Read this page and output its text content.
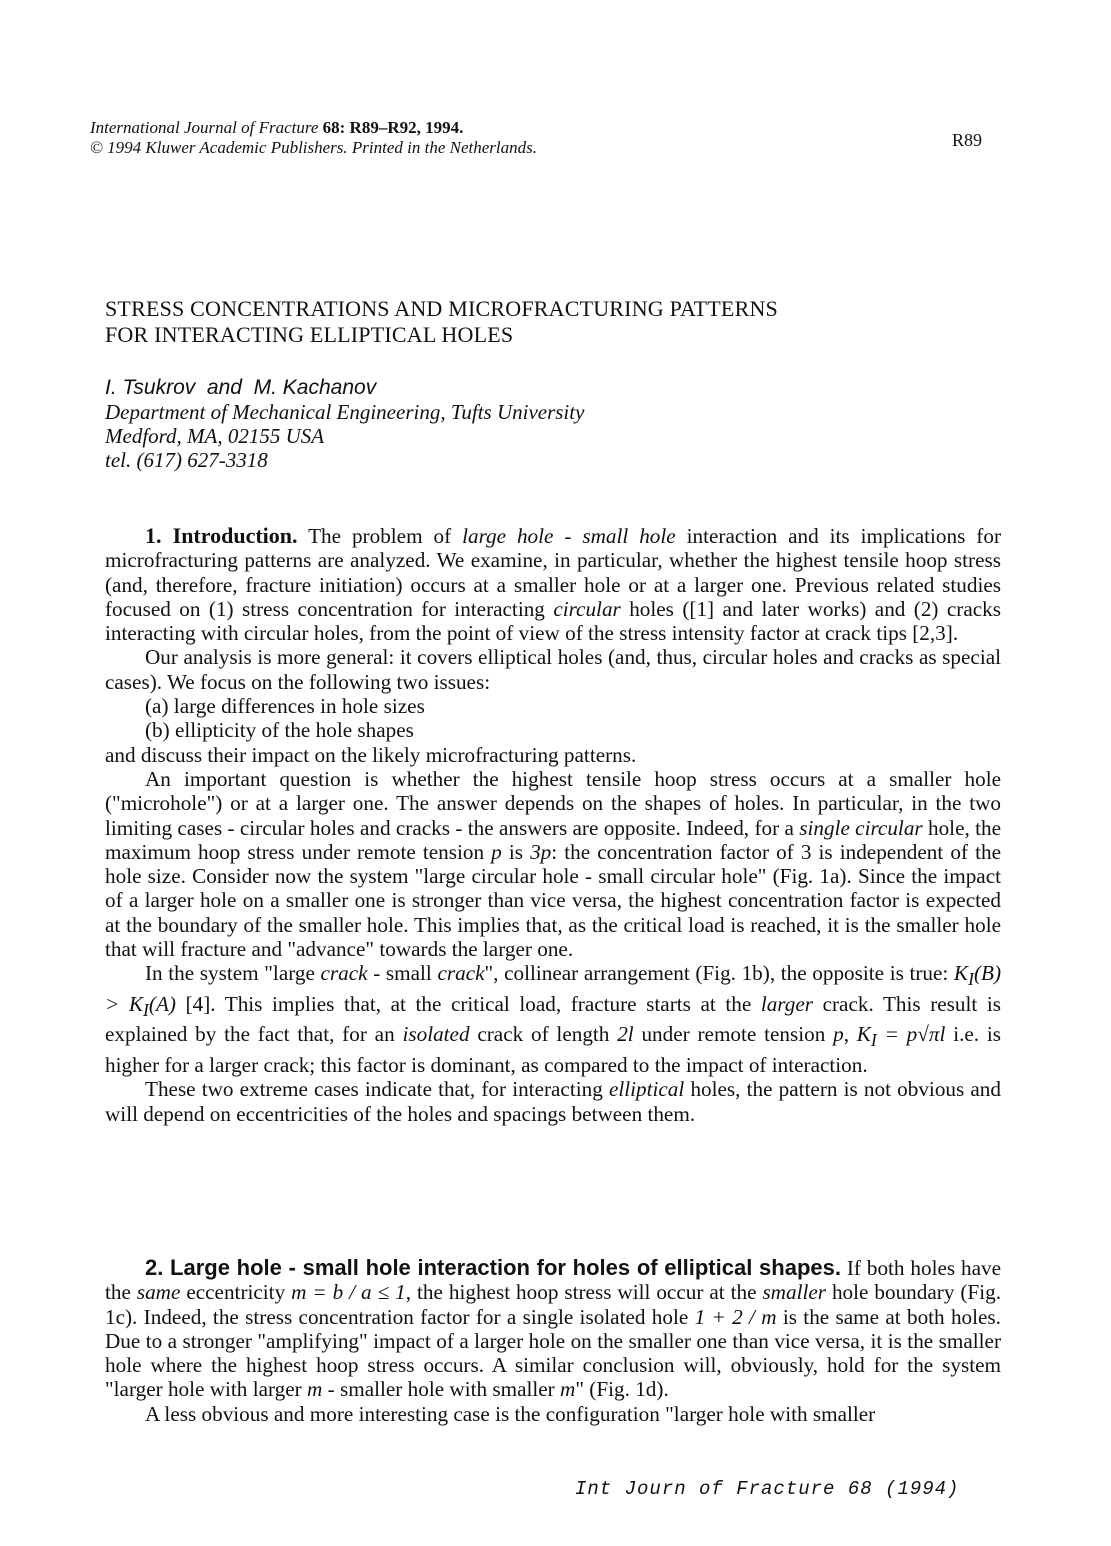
International Journal of Fracture 68: R89–R92, 1994.
© 1994 Kluwer Academic Publishers. Printed in the Netherlands.	R89
STRESS CONCENTRATIONS AND MICROFRACTURING PATTERNS
FOR INTERACTING ELLIPTICAL HOLES
I. Tsukrov  and  M. Kachanov
Department of Mechanical Engineering, Tufts University
Medford, MA, 02155 USA
tel. (617) 627-3318

1. Introduction. The problem of large hole - small hole interaction and its implications for microfracturing patterns are analyzed. We examine, in particular, whether the highest tensile hoop stress (and, therefore, fracture initiation) occurs at a smaller hole or at a larger one. Previous related studies focused on (1) stress concentration for interacting circular holes ([1] and later works) and (2) cracks interacting with circular holes, from the point of view of the stress intensity factor at crack tips [2,3].

Our analysis is more general: it covers elliptical holes (and, thus, circular holes and cracks as special cases). We focus on the following two issues:

(a) large differences in hole sizes

(b) ellipticity of the hole shapes

and discuss their impact on the likely microfracturing patterns.

An important question is whether the highest tensile hoop stress occurs at a smaller hole ("microhole") or at a larger one. The answer depends on the shapes of holes. In particular, in the two limiting cases - circular holes and cracks - the answers are opposite. Indeed, for a single circular hole, the maximum hoop stress under remote tension p is 3p: the concentration factor of 3 is independent of the hole size. Consider now the system "large circular hole - small circular hole" (Fig. 1a). Since the impact of a larger hole on a smaller one is stronger than vice versa, the highest concentration factor is expected at the boundary of the smaller hole. This implies that, as the critical load is reached, it is the smaller hole that will fracture and "advance" towards the larger one.

In the system "large crack - small crack", collinear arrangement (Fig. 1b), the opposite is true: $K_I(B) > K_I(A)$ [4]. This implies that, at the critical load, fracture starts at the larger crack. This result is explained by the fact that, for an isolated crack of length 2l under remote tension p, $K_I = p√\pi l$ i.e. is higher for a larger crack; this factor is dominant, as compared to the impact of interaction.

These two extreme cases indicate that, for interacting elliptical holes, the pattern is not obvious and will depend on eccentricities of the holes and spacings between them.

2. Large hole - small hole interaction for holes of elliptical shapes. If both holes have the same eccentricity m = b / a ≤ 1, the highest hoop stress will occur at the smaller hole boundary (Fig. 1c). Indeed, the stress concentration factor for a single isolated hole 1 + 2 / m is the same at both holes. Due to a stronger "amplifying" impact of a larger hole on the smaller one than vice versa, it is the smaller hole where the highest hoop stress occurs. A similar conclusion will, obviously, hold for the system "larger hole with larger m - smaller hole with smaller m" (Fig. 1d).

A less obvious and more interesting case is the configuration "larger hole with smaller

Int Journ of Fracture 68 (1994)
